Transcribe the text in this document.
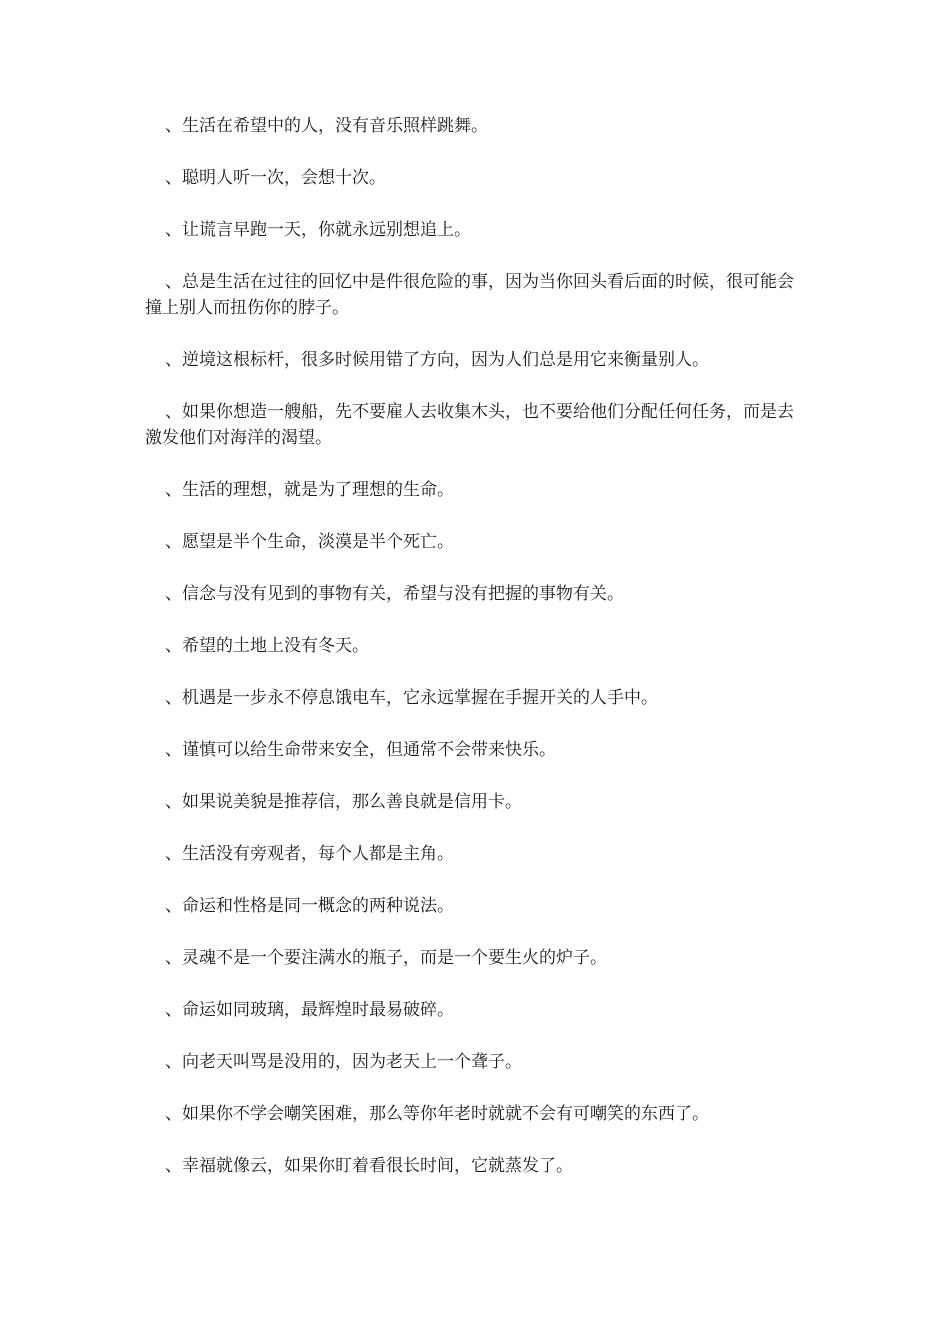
、生活在希望中的人，没有音乐照样跳舞。

、聪明人听一次，会想十次。

、让谎言早跑一天，你就永远别想追上。

、总是生活在过往的回忆中是件很危险的事，因为当你回头看后面的时候，很可能会撞上别人而扭伤你的脖子。

、逆境这根标杆，很多时候用错了方向，因为人们总是用它来衡量别人。

、如果你想造一艘船，先不要雇人去收集木头，也不要给他们分配任何任务，而是去激发他们对海洋的渴望。

、生活的理想，就是为了理想的生命。

、愿望是半个生命，淡漠是半个死亡。

、信念与没有见到的事物有关，希望与没有把握的事物有关。

、希望的土地上没有冬天。

、机遇是一步永不停息饿电车，它永远掌握在手握开关的人手中。

、谨慎可以给生命带来安全，但通常不会带来快乐。

、如果说美貌是推荐信，那么善良就是信用卡。

、生活没有旁观者，每个人都是主角。

、命运和性格是同一概念的两种说法。

、灵魂不是一个要注满水的瓶子，而是一个要生火的炉子。

、命运如同玻璃，最辉煌时最易破碎。

、向老天叫骂是没用的，因为老天上一个聋子。

、如果你不学会嘲笑困难，那么等你年老时就就不会有可嘲笑的东西了。

、幸福就像云，如果你盯着看很长时间，它就蒸发了。
